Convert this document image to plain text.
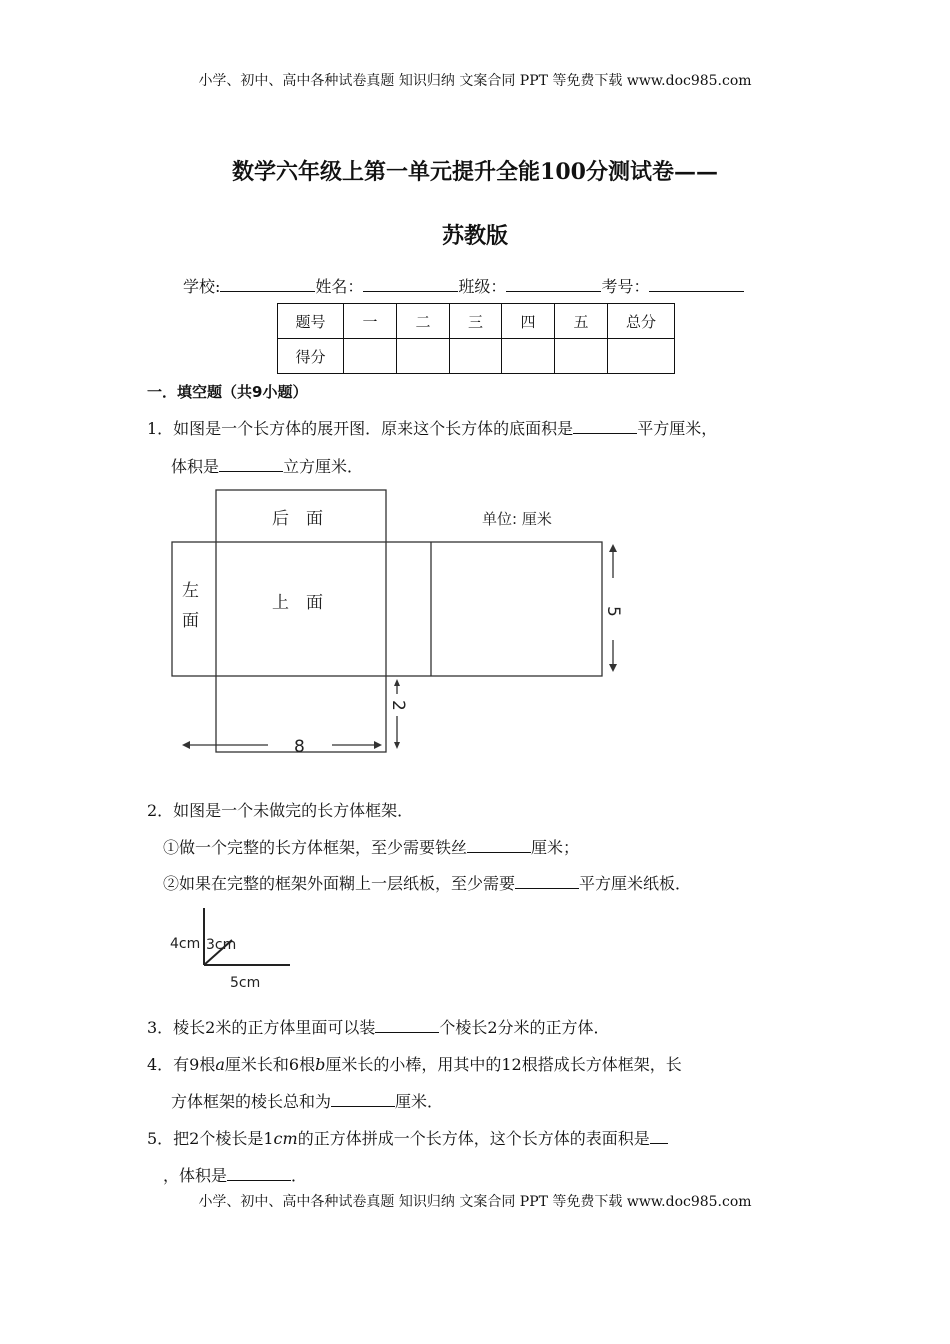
小学、初中、高中各种试卷真题 知识归纳 文案合同 PPT 等免费下载 www.doc985.com
数学六年级上第一单元提升全能100分测试卷——
苏教版
学校:	姓名：	班级：	考号：
题号	一	二	三	四	五	总分
得分						
一．填空题（共9小题）
1．如图是一个长方体的展开图．原来这个长方体的底面积是	平方厘米，
体积是	立方厘米．
后　面
上　面
左
面
单位: 厘米
5
2
8
4cm 3cm
5cm
2．如图是一个未做完的长方体框架．
①做一个完整的长方体框架，至少需要铁丝	厘米；
②如果在完整的框架外面糊上一层纸板，至少需要	平方厘米纸板．
3．棱长2米的正方体里面可以装	个棱长2分米的正方体．
4．有9根a厘米长和6根b厘米长的小棒，用其中的12根搭成长方体框架，长
方体框架的棱长总和为	厘米．
5．把2个棱长是1cm的正方体拼成一个长方体，这个长方体的表面积是
，体积是	．
小学、初中、高中各种试卷真题 知识归纳 文案合同 PPT 等免费下载 www.doc985.com
